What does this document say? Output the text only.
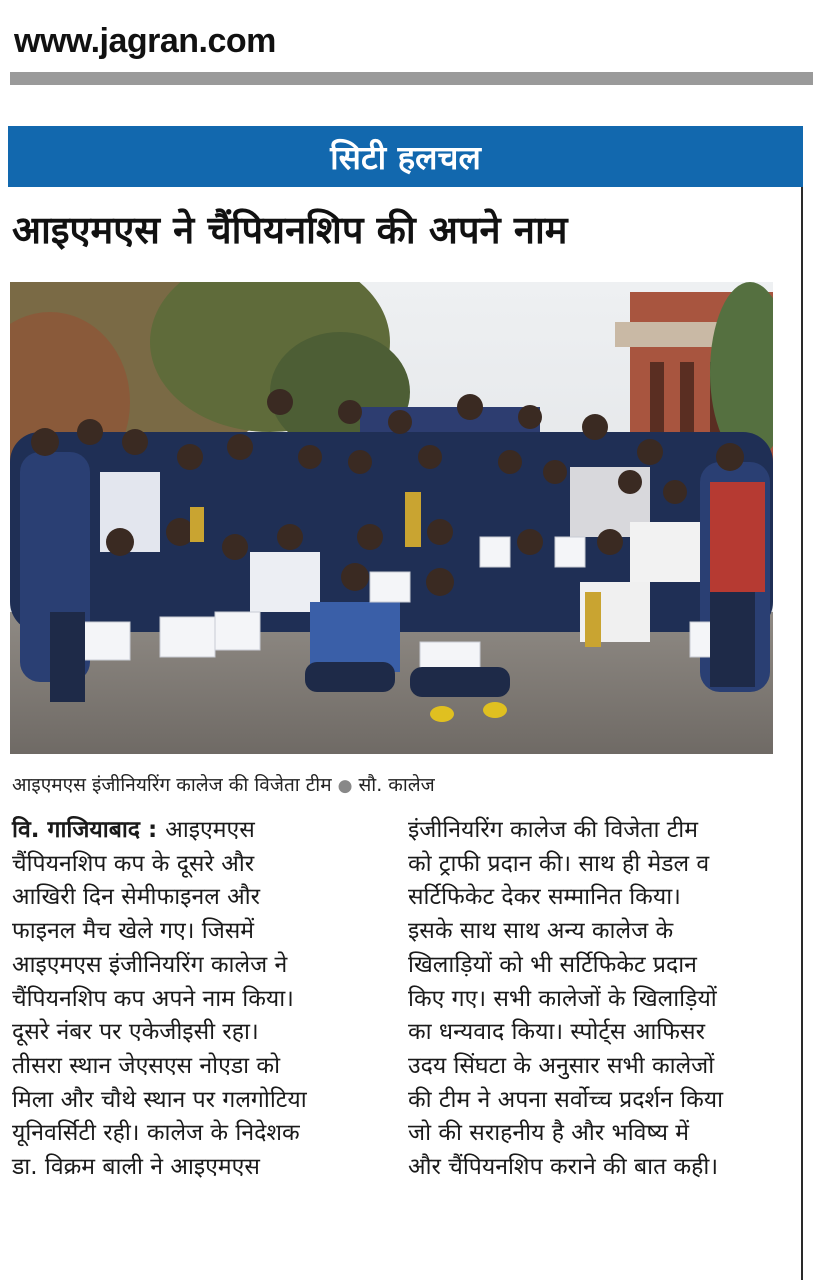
www.jagran.com
सिटी हलचल
आइएमएस ने चैंपियनशिप की अपने नाम
आइएमएस इंजीनियरिंग कालेज की विजेता टीम ● सौ. कालेज

वि. गाजियाबाद : आइएमएस

चैंपियनशिप कप के दूसरे और

आखिरी दिन सेमीफाइनल और

फाइनल मैच खेले गए। जिसमें

आइएमएस इंजीनियरिंग कालेज ने

चैंपियनशिप कप अपने नाम किया।

दूसरे नंबर पर एकेजीइसी रहा।

तीसरा स्थान जेएसएस नोएडा को

मिला और चौथे स्थान पर गलगोटिया

यूनिवर्सिटी रही। कालेज के निदेशक

डा. विक्रम बाली ने आइएमएस

इंजीनियरिंग कालेज की विजेता टीम

को ट्राफी प्रदान की। साथ ही मेडल व

सर्टिफिकेट देकर सम्मानित किया।

इसके साथ साथ अन्य कालेज के

खिलाड़ियों को भी सर्टिफिकेट प्रदान

किए गए। सभी कालेजों के खिलाड़ियों

का धन्यवाद किया। स्पोर्ट्स आफिसर

उदय सिंघटा के अनुसार सभी कालेजों

की टीम ने अपना सर्वोच्च प्रदर्शन किया

जो की सराहनीय है और भविष्य में

और चैंपियनशिप कराने की बात कही।
